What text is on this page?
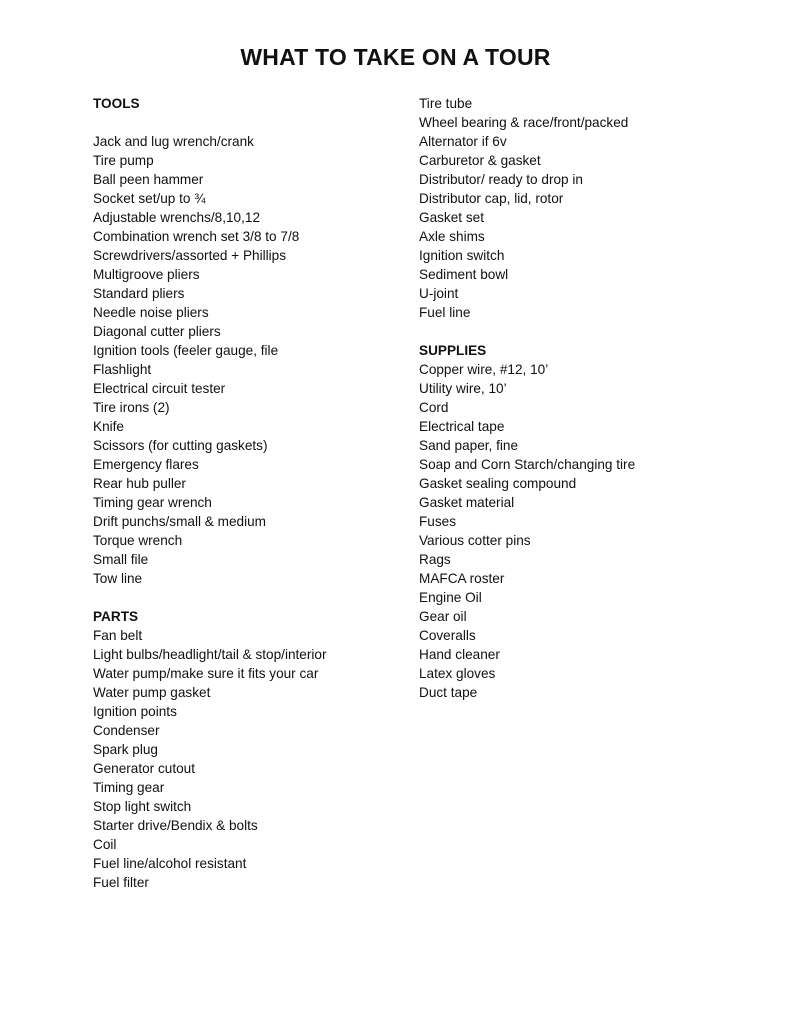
WHAT TO TAKE ON A TOUR
TOOLS
Jack and lug wrench/crank
Tire pump
Ball peen hammer
Socket set/up to ¾
Adjustable wrenchs/8,10,12
Combination wrench set 3/8 to 7/8
Screwdrivers/assorted + Phillips
Multigroove pliers
Standard pliers
Needle noise pliers
Diagonal cutter pliers
Ignition tools (feeler gauge, file
Flashlight
Electrical circuit tester
Tire irons (2)
Knife
Scissors (for cutting gaskets)
Emergency flares
Rear hub puller
Timing gear wrench
Drift punchs/small & medium
Torque wrench
Small file
Tow line
PARTS
Fan belt
Light bulbs/headlight/tail & stop/interior
Water pump/make sure it fits your car
Water pump gasket
Ignition points
Condenser
Spark plug
Generator cutout
Timing gear
Stop light switch
Starter drive/Bendix & bolts
Coil
Fuel line/alcohol resistant
Fuel filter
Tire tube
Wheel bearing & race/front/packed
Alternator if 6v
Carburetor & gasket
Distributor/ ready to drop in
Distributor cap, lid, rotor
Gasket set
Axle shims
Ignition switch
Sediment bowl
U-joint
Fuel line
SUPPLIES
Copper wire, #12, 10’
Utility wire, 10’
Cord
Electrical tape
Sand paper, fine
Soap and Corn Starch/changing tire
Gasket sealing compound
Gasket material
Fuses
Various cotter pins
Rags
MAFCA roster
Engine Oil
Gear oil
Coveralls
Hand cleaner
Latex gloves
Duct tape
